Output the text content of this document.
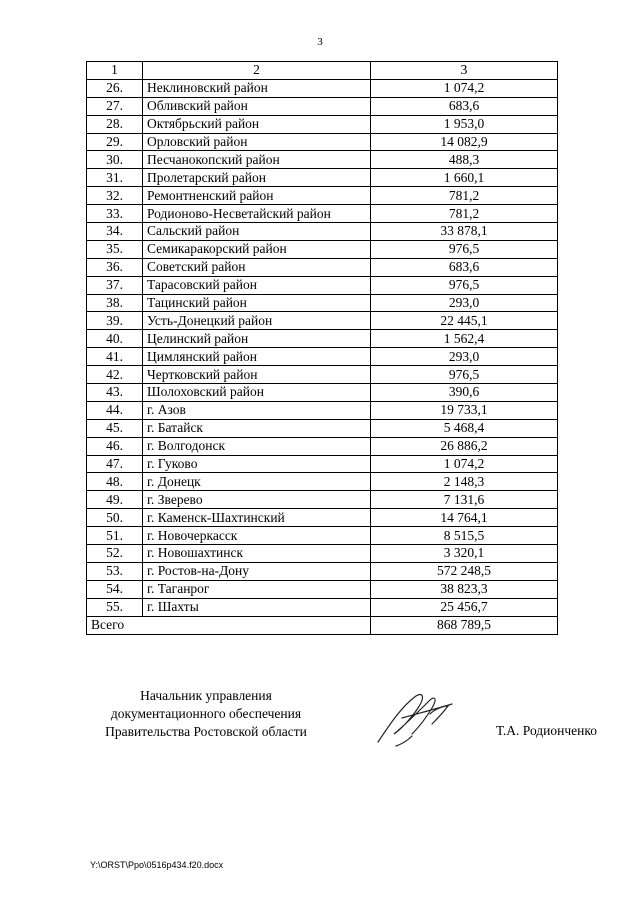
3
1	2	3
26.	Неклиновский район	1 074,2
27.	Обливский район	683,6
28.	Октябрьский район	1 953,0
29.	Орловский район	14 082,9
30.	Песчанокопский район	488,3
31.	Пролетарский район	1 660,1
32.	Ремонтненский район	781,2
33.	Родионово-Несветайский район	781,2
34.	Сальский район	33 878,1
35.	Семикаракорский район	976,5
36.	Советский район	683,6
37.	Тарасовский район	976,5
38.	Тацинский район	293,0
39.	Усть-Донецкий район	22 445,1
40.	Целинский район	1 562,4
41.	Цимлянский район	293,0
42.	Чертковский район	976,5
43.	Шолоховский район	390,6
44.	г. Азов	19 733,1
45.	г. Батайск	5 468,4
46.	г. Волгодонск	26 886,2
47.	г. Гуково	1 074,2
48.	г. Донецк	2 148,3
49.	г. Зверево	7 131,6
50.	г. Каменск-Шахтинский	14 764,1
51.	г. Новочеркасск	8 515,5
52.	г. Новошахтинск	3 320,1
53.	г. Ростов-на-Дону	572 248,5
54.	г. Таганрог	38 823,3
55.	г. Шахты	25 456,7
Всего		868 789,5
Начальник управления
документационного обеспечения
Правительства Ростовской области	Т.А. Родионченко
Y:\ORST\Ppo\0516p434.f20.docx
